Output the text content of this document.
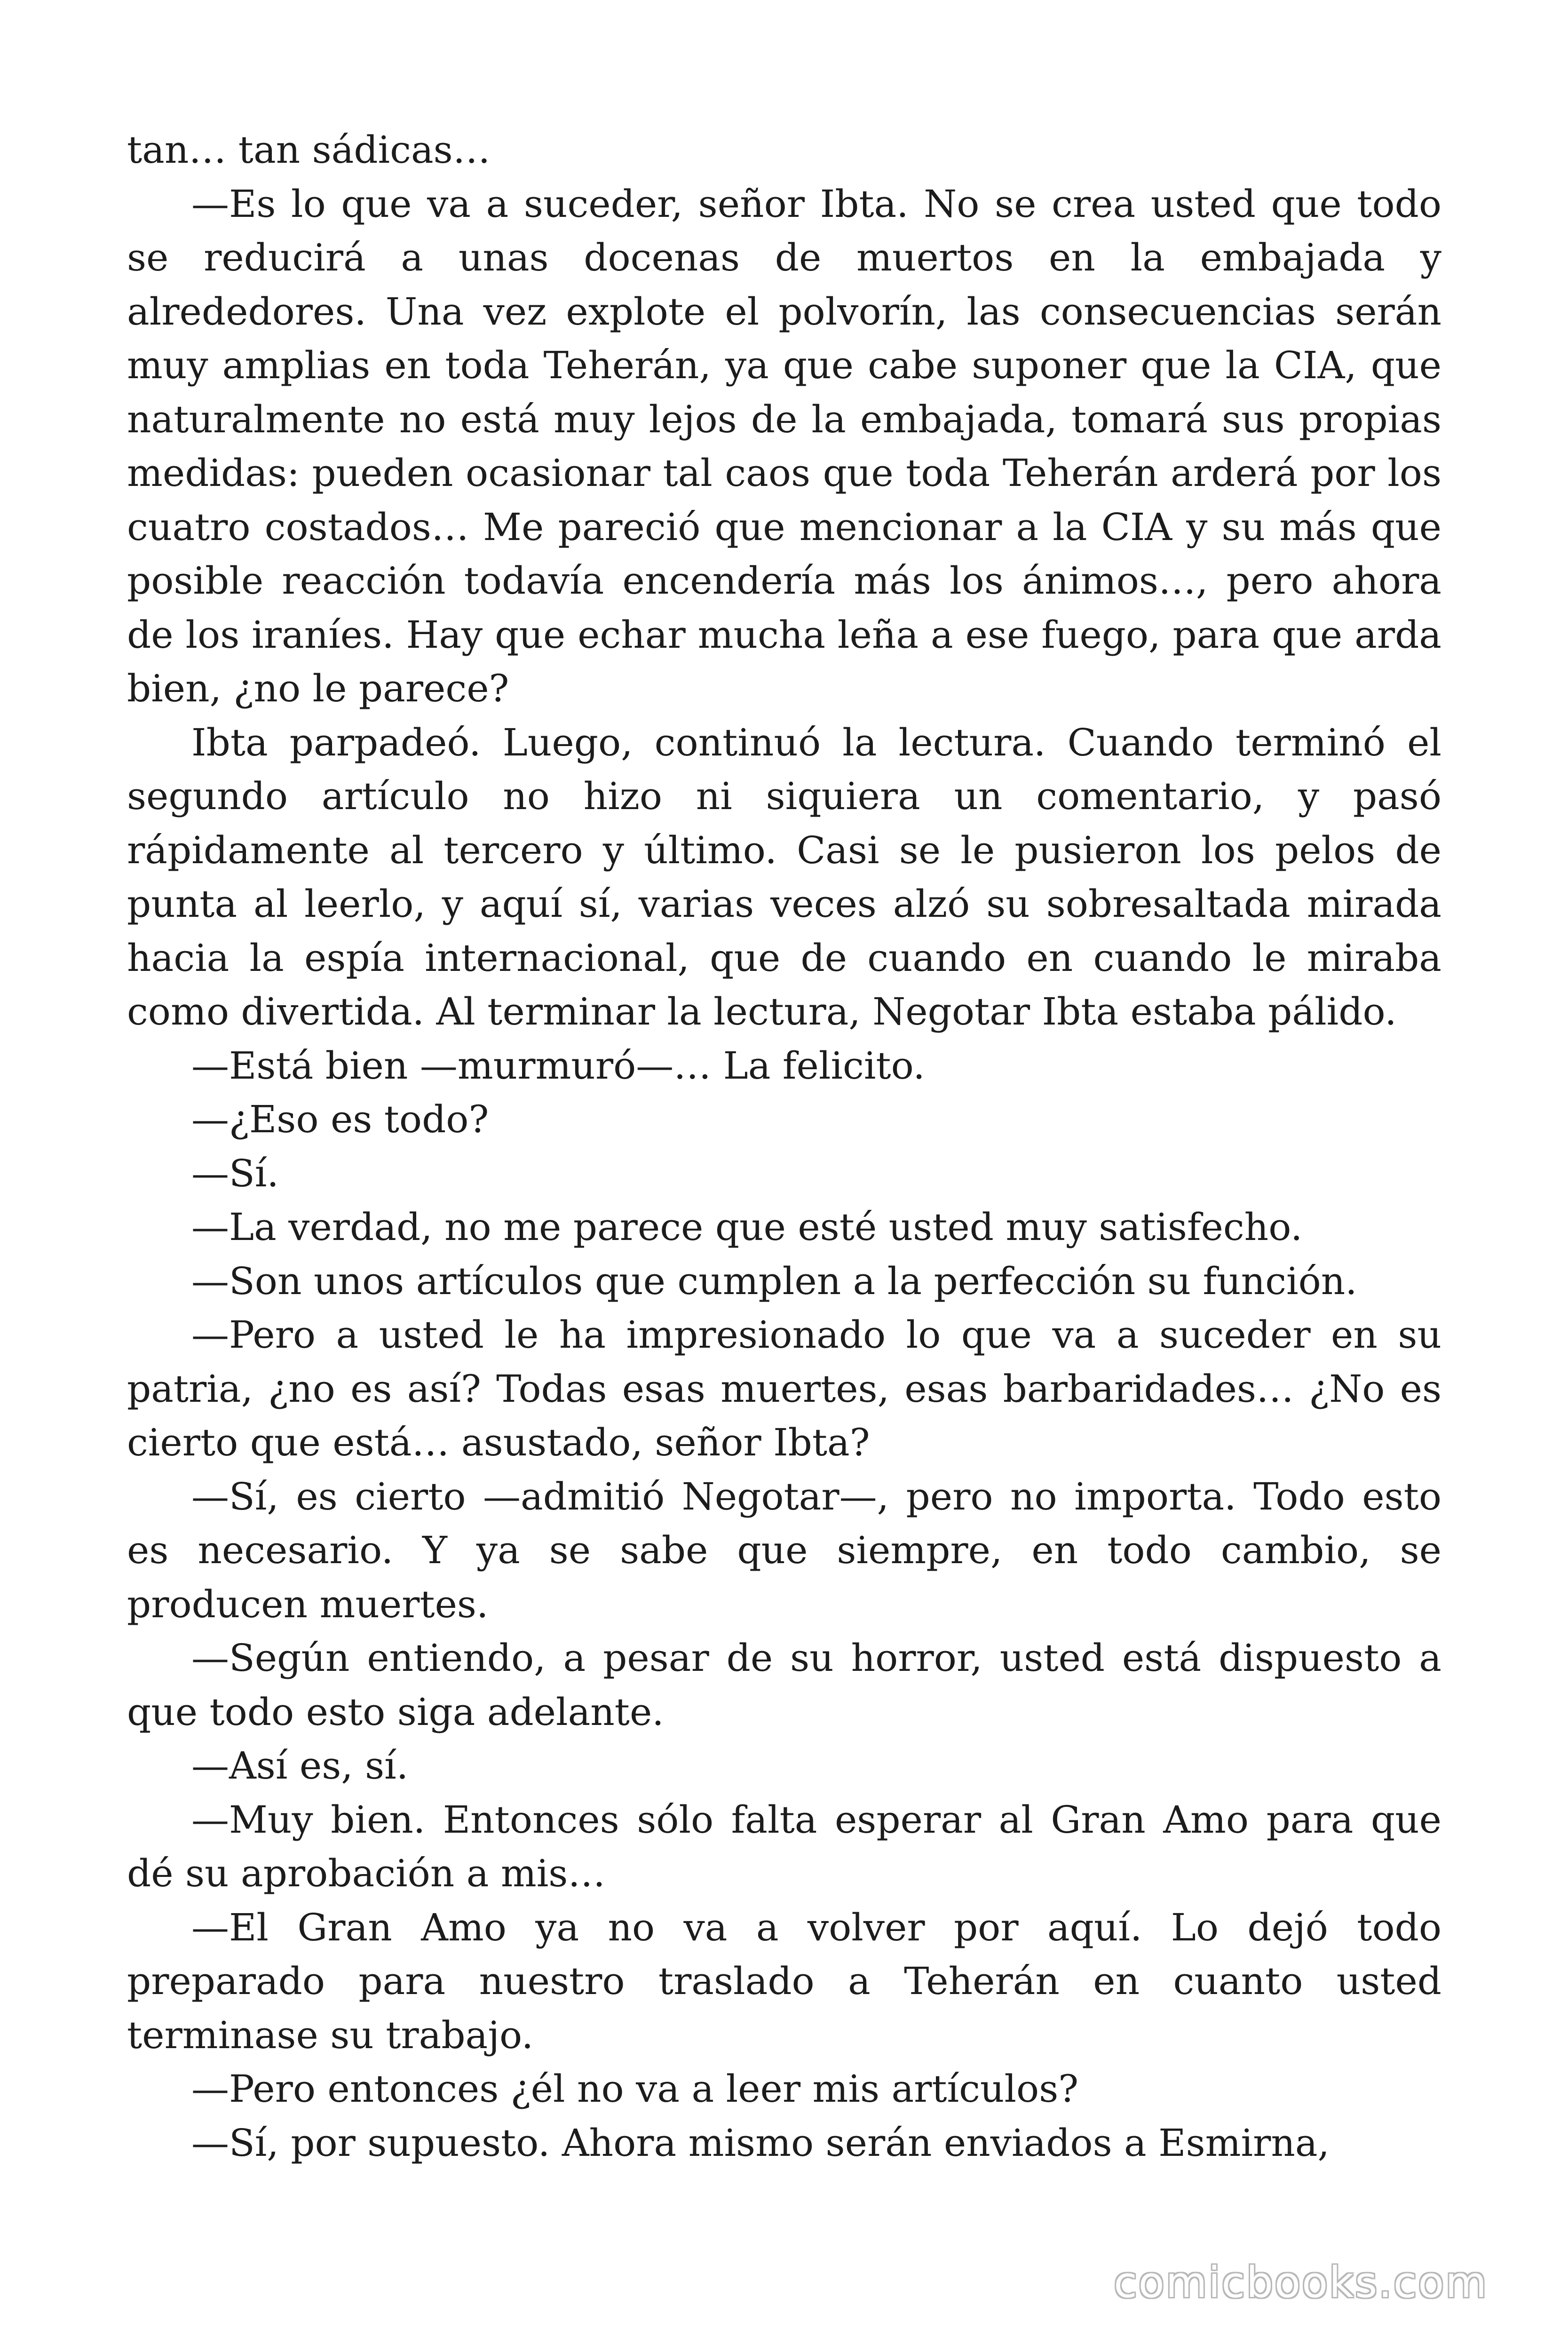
tan… tan sádicas…

—Es lo que va a suceder, señor Ibta. No se crea usted que todo se reducirá a unas docenas de muertos en la embajada y alrededores. Una vez explote el polvorín, las consecuencias serán muy amplias en toda Teherán, ya que cabe suponer que la CIA, que naturalmente no está muy lejos de la embajada, tomará sus propias medidas: pueden ocasionar tal caos que toda Teherán arderá por los cuatro costados… Me pareció que mencionar a la CIA y su más que posible reacción todavía encendería más los ánimos…, pero ahora de los iraníes. Hay que echar mucha leña a ese fuego, para que arda bien, ¿no le parece?

Ibta parpadeó. Luego, continuó la lectura. Cuando terminó el segundo artículo no hizo ni siquiera un comentario, y pasó rápidamente al tercero y último. Casi se le pusieron los pelos de punta al leerlo, y aquí sí, varias veces alzó su sobresaltada mirada hacia la espía internacional, que de cuando en cuando le miraba como divertida. Al terminar la lectura, Negotar Ibta estaba pálido.

—Está bien —murmuró—… La felicito.

—¿Eso es todo?

—Sí.

—La verdad, no me parece que esté usted muy satisfecho.

—Son unos artículos que cumplen a la perfección su función.

—Pero a usted le ha impresionado lo que va a suceder en su patria, ¿no es así? Todas esas muertes, esas barbaridades… ¿No es cierto que está… asustado, señor Ibta?

—Sí, es cierto —admitió Negotar—, pero no importa. Todo esto es necesario. Y ya se sabe que siempre, en todo cambio, se producen muertes.

—Según entiendo, a pesar de su horror, usted está dispuesto a que todo esto siga adelante.

—Así es, sí.

—Muy bien. Entonces sólo falta esperar al Gran Amo para que dé su aprobación a mis…

—El Gran Amo ya no va a volver por aquí. Lo dejó todo preparado para nuestro traslado a Teherán en cuanto usted terminase su trabajo.

—Pero entonces ¿él no va a leer mis artículos?

—Sí, por supuesto. Ahora mismo serán enviados a Esmirna,

comicbooks.com
